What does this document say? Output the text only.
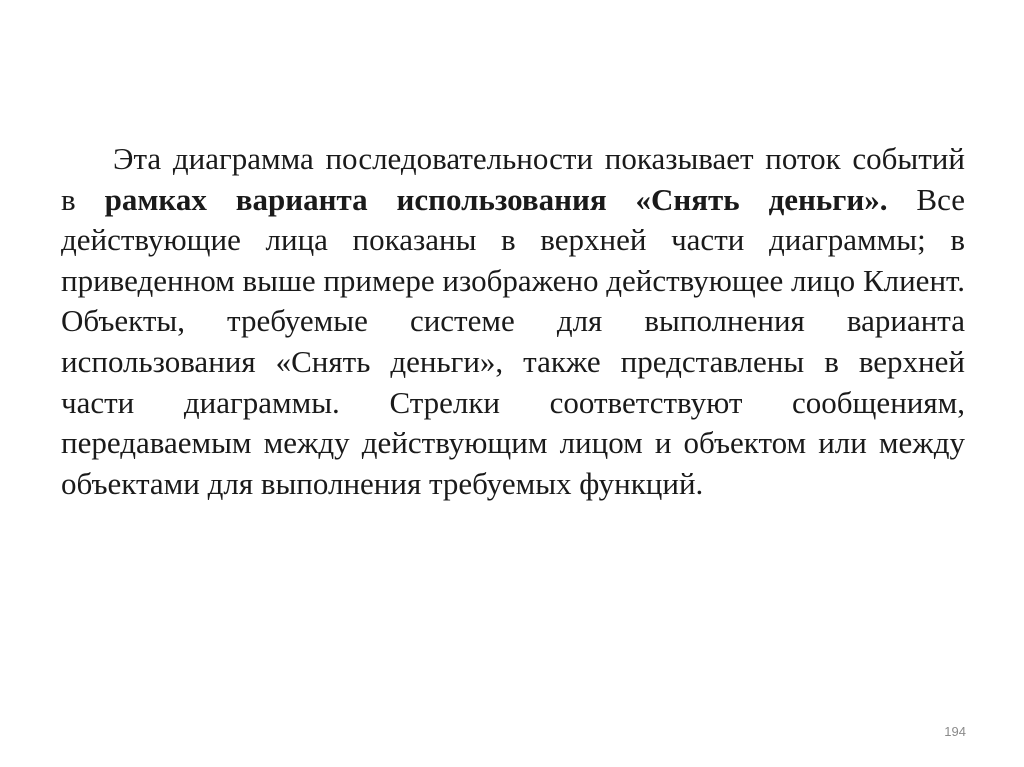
Эта диаграмма последовательности показывает поток событий в рамках варианта использования «Снять деньги». Все действующие лица показаны в верхней части диаграммы; в приведенном выше примере изображено действующее лицо Клиент. Объекты, требуемые системе для выполнения варианта использования «Снять деньги», также представлены в верхней части диаграммы. Стрелки соответствуют сообщениям, передаваемым между действующим лицом и объектом или между объектами для выполнения требуемых функций.

194
